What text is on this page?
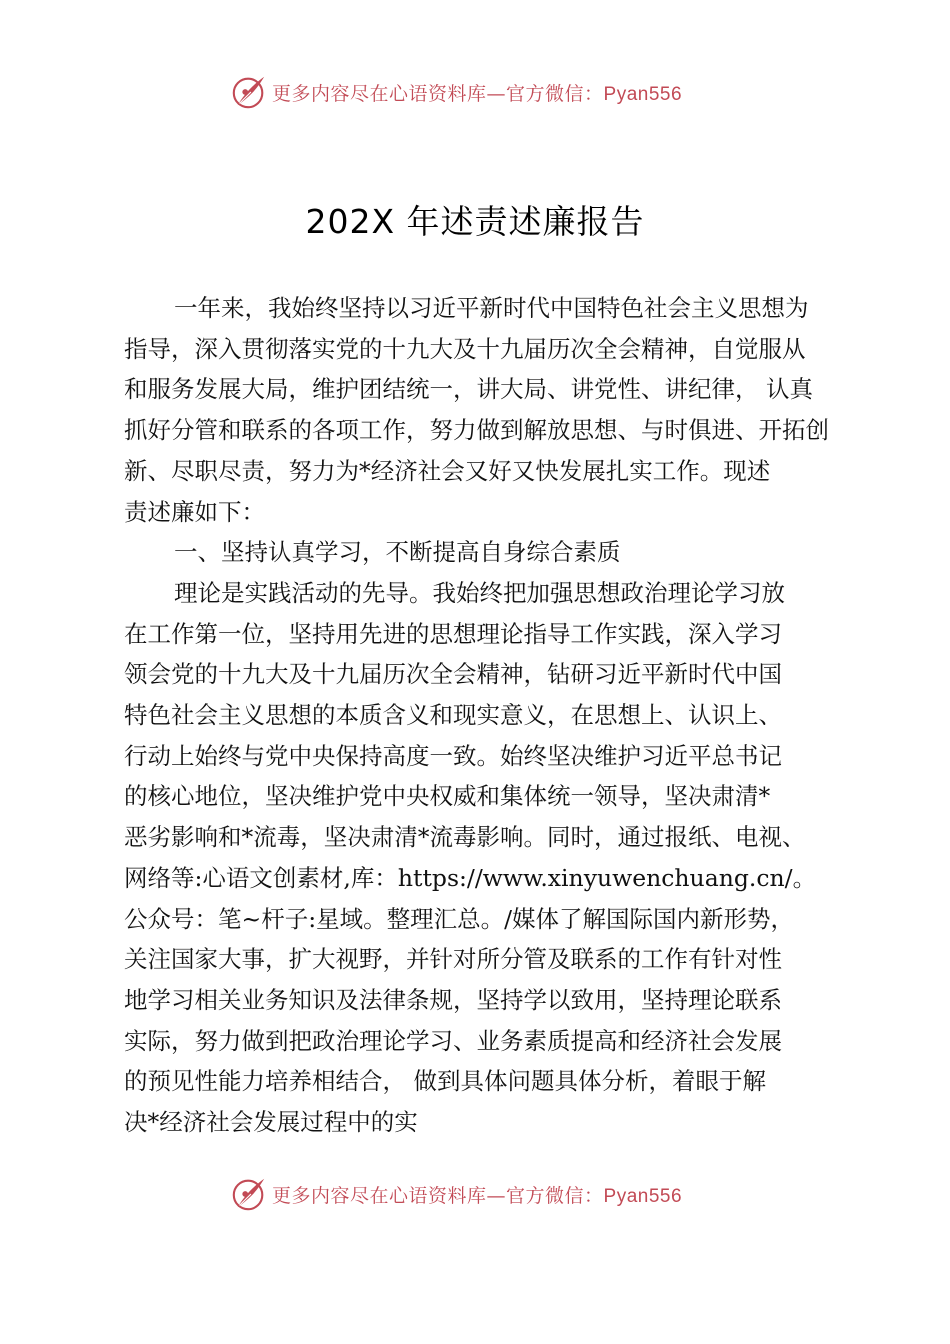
更多内容尽在心语资料库—官方微信：Pyan556
202X 年述责述廉报告
一年来，我始终坚持以习近平新时代中国特色社会主义思想为
指导，深入贯彻落实党的十九大及十九届历次全会精神，自觉服从
和服务发展大局，维护团结统一，讲大局、讲党性、讲纪律， 认真
抓好分管和联系的各项工作，努力做到解放思想、与时俱进、开拓创
新、尽职尽责，努力为*经济社会又好又快发展扎实工作。现述
责述廉如下：
一、坚持认真学习，不断提高自身综合素质
理论是实践活动的先导。我始终把加强思想政治理论学习放
在工作第一位，坚持用先进的思想理论指导工作实践，深入学习
领会党的十九大及十九届历次全会精神，钻研习近平新时代中国
特色社会主义思想的本质含义和现实意义，在思想上、认识上、
行动上始终与党中央保持高度一致。始终坚决维护习近平总书记
的核心地位，坚决维护党中央权威和集体统一领导，坚决肃清*
恶劣影响和*流毒，坚决肃清*流毒影响。同时，通过报纸、电视、
网络等:心语文创素材,库：https://www.xinyuwenchuang.cn/。
公众号：笔~杆子:星域。整理汇总。/媒体了解国际国内新形势，
关注国家大事，扩大视野，并针对所分管及联系的工作有针对性
地学习相关业务知识及法律条规，坚持学以致用，坚持理论联系
实际，努力做到把政治理论学习、业务素质提高和经济社会发展
的预见性能力培养相结合， 做到具体问题具体分析，着眼于解
决*经济社会发展过程中的实
更多内容尽在心语资料库—官方微信：Pyan556
